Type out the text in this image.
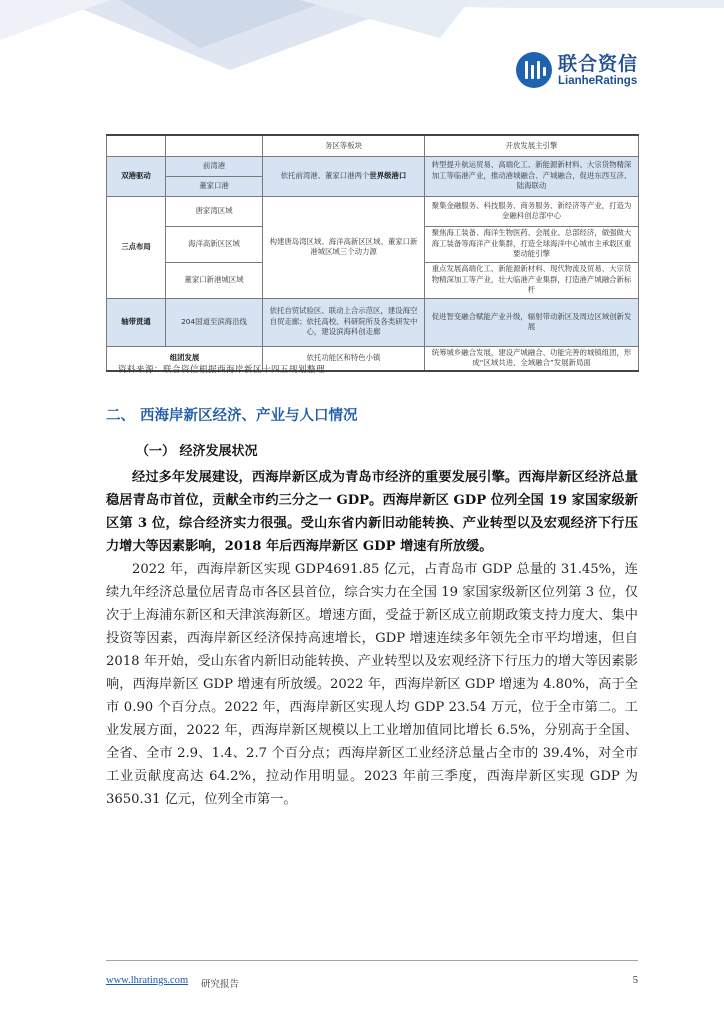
联合资信
LianheRatings
		务区等板块	开放发展主引擎
双港驱动	前湾港	依托前湾港、董家口港两个世界级港口	转型提升航运贸易、高端化工、新能源新材料、大宗货物精深加工等临港产业，推动港城融合、产城融合，促进东西互济、陆海联动
	董家口港		
三点布局	唐家湾区域	构建唐岛湾区域、海洋高新区区域、董家口新港城区域三个动力源	聚集金融服务、科技服务、商务服务、新经济等产业，打造为金融科创总部中心
	海洋高新区区域		聚焦海工装备、海洋生物医药、会展业、总部经济，做强做大海工装备等海洋产业集群，打造全球海洋中心城市主承载区重要动能引擎
	董家口新港城区域		重点发展高端化工、新能源新材料、现代物流及贸易、大宗货物精深加工等产业，壮大临港产业集群，打造港产城融合新标杆
轴带贯通	204国道至滨海沿线	依托自贸试验区、联动上合示范区，建设海空自贸走廊；依托高校、科研院所及各类研发中心，建设滨海科创走廊	促进智变融合赋能产业升级，辐射带动新区及周边区域创新发展
组团发展		依托功能区和特色小镇	统筹城乡融合发展，建设产城融合、功能完善的城镇组团，形成“区域共进、全域融合”发展新局面
资料来源：联合资信根据西海岸新区十四五规划整理
二、 西海岸新区经济、产业与人口情况
（一） 经济发展状况

经过多年发展建设，西海岸新区成为青岛市经济的重要发展引擎。西海岸新区经济总量稳居青岛市首位，贡献全市约三分之一 GDP。西海岸新区 GDP 位列全国 19 家国家级新区第 3 位，综合经济实力很强。受山东省内新旧动能转换、产业转型以及宏观经济下行压力增大等因素影响，2018 年后西海岸新区 GDP 增速有所放缓。

2022 年，西海岸新区实现 GDP4691.85 亿元，占青岛市 GDP 总量的 31.45%，连续九年经济总量位居青岛市各区县首位，综合实力在全国 19 家国家级新区位列第 3 位，仅次于上海浦东新区和天津滨海新区。增速方面，受益于新区成立前期政策支持力度大、集中投资等因素，西海岸新区经济保持高速增长，GDP 增速连续多年领先全市平均增速，但自 2018 年开始，受山东省内新旧动能转换、产业转型以及宏观经济下行压力的增大等因素影响，西海岸新区 GDP 增速有所放缓。2022 年，西海岸新区 GDP 增速为 4.80%，高于全市 0.90 个百分点。2022 年，西海岸新区实现人均 GDP 23.54 万元，位于全市第二。工业发展方面，2022 年，西海岸新区规模以上工业增加值同比增长 6.5%，分别高于全国、全省、全市 2.9、1.4、2.7 个百分点；西海岸新区工业经济总量占全市的 39.4%，对全市工业贡献度高达 64.2%，拉动作用明显。2023 年前三季度，西海岸新区实现 GDP 为 3650.31 亿元，位列全市第一。

www.lhratings.com 研究报告	5
